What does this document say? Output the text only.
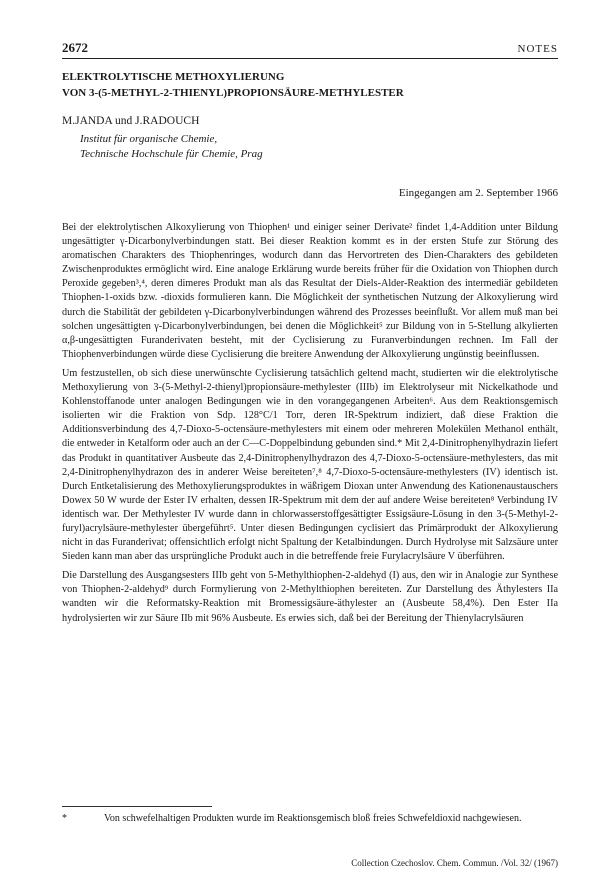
2672	NOTES
ELEKTROLYTISCHE METHOXYLIERUNG
VON 3-(5-METHYL-2-THIENYL)PROPIONSÄURE-METHYLESTER
M.JANDA und J.RADOUCH
Institut für organische Chemie,
Technische Hochschule für Chemie, Prag
Eingegangen am 2. September 1966

Bei der elektrolytischen Alkoxylierung von Thiophen¹ und einiger seiner Derivate² findet 1,4-Addition unter Bildung ungesättigter γ-Dicarbonylverbindungen statt. Bei dieser Reaktion kommt es in der ersten Stufe zur Störung des aromatischen Charakters des Thiophenringes, wodurch dann das Hervortreten des Dien-Charakters des gebildeten Zwischenproduktes ermöglicht wird. Eine analoge Erklärung wurde bereits früher für die Oxidation von Thiophen durch Peroxide gegeben³,⁴, deren dimeres Produkt man als das Resultat der Diels-Alder-Reaktion des intermediär gebildeten Thiophen-1-oxids bzw. -dioxids formulieren kann. Die Möglichkeit der synthetischen Nutzung der Alkoxylierung wird durch die Stabilität der gebildeten γ-Dicarbonylverbindungen während des Prozesses beeinflußt. Vor allem muß man bei solchen ungesättigten γ-Dicarbonylverbindungen, bei denen die Möglichkeit⁵ zur Bildung von in 5-Stellung alkylierten α,β-ungesättigten Furanderivaten besteht, mit der Cyclisierung zu Furanverbindungen rechnen. Im Fall der Thiophenverbindungen würde diese Cyclisierung die breitere Anwendung der Alkoxylierung ungünstig beeinflussen.

Um festzustellen, ob sich diese unerwünschte Cyclisierung tatsächlich geltend macht, studierten wir die elektrolytische Methoxylierung von 3-(5-Methyl-2-thienyl)propionsäure-methylester (IIIb) im Elektrolyseur mit Nickelkathode und Kohlenstoffanode unter analogen Bedingungen wie in den vorangegangenen Arbeiten⁶. Aus dem Reaktionsgemisch isolierten wir die Fraktion von Sdp. 128°C/1 Torr, deren IR-Spektrum indiziert, daß diese Fraktion die Additionsverbindung des 4,7-Dioxo-5-octensäure-methylesters mit einem oder mehreren Molekülen Methanol enthält, die entweder in Ketalform oder auch an der C—C-Doppelbindung gebunden sind.* Mit 2,4-Dinitrophenylhydrazin liefert das Produkt in quantitativer Ausbeute das 2,4-Dinitrophenylhydrazon des 4,7-Dioxo-5-octensäure-methylesters, das mit 2,4-Dinitrophenylhydrazon des in anderer Weise bereiteten⁷,⁸ 4,7-Dioxo-5-octensäure-methylesters (IV) identisch ist. Durch Entketalisierung des Methoxylierungsproduktes in wäßrigem Dioxan unter Anwendung des Kationenaustauschers Dowex 50 W wurde der Ester IV erhalten, dessen IR-Spektrum mit dem der auf andere Weise bereiteten⁸ Verbindung IV identisch war. Der Methylester IV wurde dann in chlorwasserstoffgesättigter Essigsäure-Lösung in den 3-(5-Methyl-2-furyl)acrylsäure-methylester übergeführt⁵. Unter diesen Bedingungen cyclisiert das Primärprodukt der Alkoxylierung nicht in das Furanderivat; offensichtlich erfolgt nicht Spaltung der Ketalbindungen. Durch Hydrolyse mit Salzsäure unter Sieden kann man aber das ursprüngliche Produkt auch in die betreffende freie Furylacrylsäure V überführen.

Die Darstellung des Ausgangsesters IIIb geht von 5-Methylthiophen-2-aldehyd (I) aus, den wir in Analogie zur Synthese von Thiophen-2-aldehyd⁹ durch Formylierung von 2-Methylthiophen bereiteten. Zur Darstellung des Äthylesters IIa wandten wir die Reformatsky-Reaktion mit Bromessigsäure-äthylester an (Ausbeute 58,4%). Den Ester IIa hydrolysierten wir zur Säure IIb mit 96% Ausbeute. Es erwies sich, daß bei der Bereitung der Thienylacrylsäuren

*	Von schwefelhaltigen Produkten wurde im Reaktionsgemisch bloß freies Schwefeldioxid nachgewiesen.
Collection Czechoslov. Chem. Commun. /Vol. 32/ (1967)
